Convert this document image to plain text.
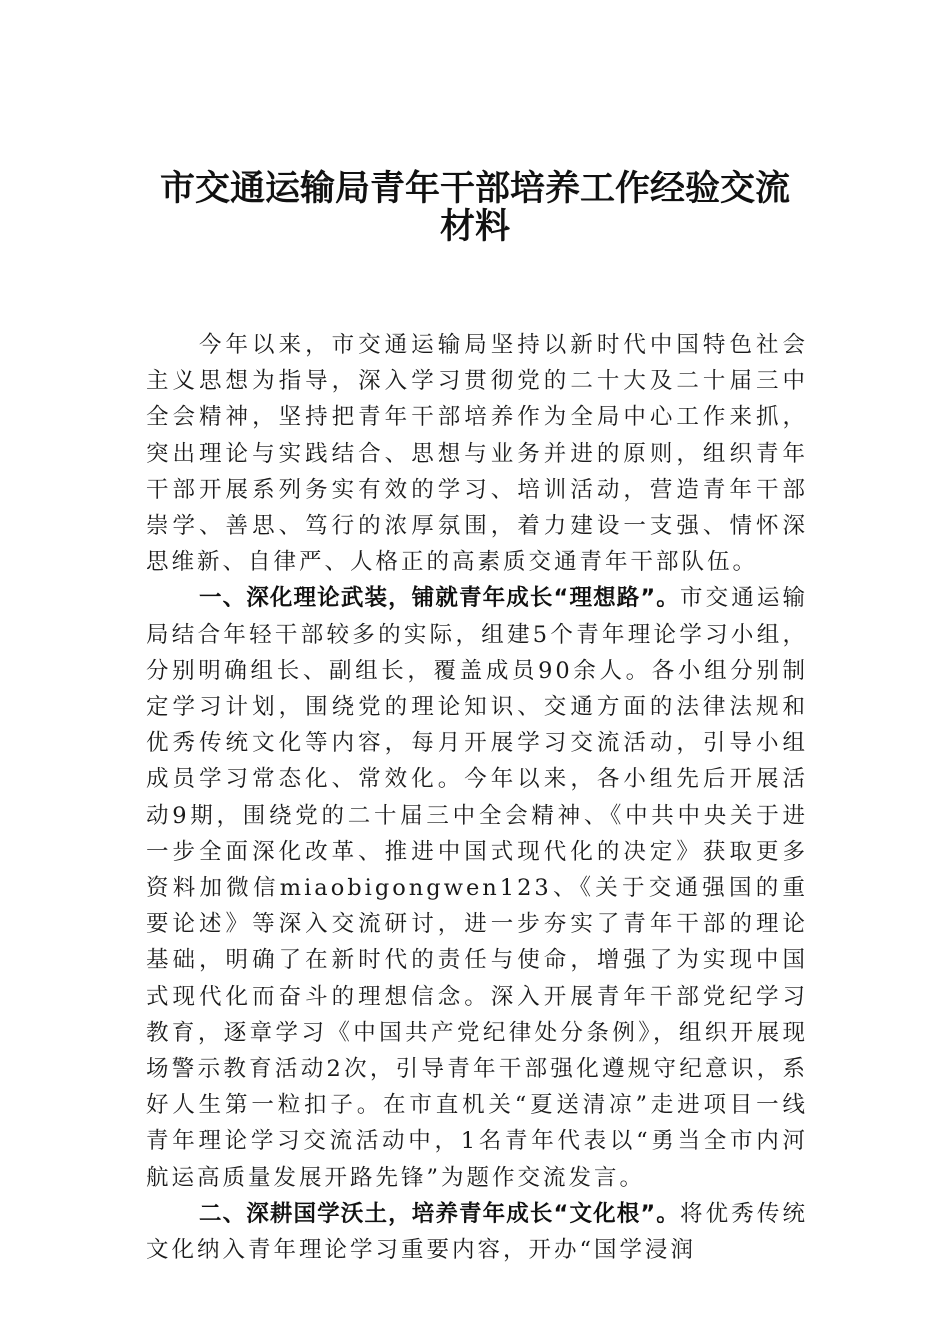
市交通运输局青年干部培养工作经验交流
材料

今年以来，市交通运输局坚持以新时代中国特色社会主义思想为指导，深入学习贯彻党的二十大及二十届三中全会精神，坚持把青年干部培养作为全局中心工作来抓，突出理论与实践结合、思想与业务并进的原则，组织青年干部开展系列务实有效的学习、培训活动，营造青年干部崇学、善思、笃行的浓厚氛围，着力建设一支强、情怀深思维新、自律严、人格正的高素质交通青年干部队伍。

一、深化理论武装，铺就青年成长“理想路”。市交通运输局结合年轻干部较多的实际，组建5个青年理论学习小组，分别明确组长、副组长，覆盖成员90余人。各小组分别制定学习计划，围绕党的理论知识、交通方面的法律法规和优秀传统文化等内容，每月开展学习交流活动，引导小组成员学习常态化、常效化。今年以来，各小组先后开展活动9期，围绕党的二十届三中全会精神、《中共中央关于进一步全面深化改革、推进中国式现代化的决定》获取更多资料加微信miaobigongwen123、《关于交通强国的重要论述》等深入交流研讨，进一步夯实了青年干部的理论基础，明确了在新时代的责任与使命，增强了为实现中国式现代化而奋斗的理想信念。深入开展青年干部党纪学习教育，逐章学习《中国共产党纪律处分条例》，组织开展现场警示教育活动2次，引导青年干部强化遵规守纪意识，系好人生第一粒扣子。在市直机关“夏送清凉”走进项目一线青年理论学习交流活动中，1名青年代表以“勇当全市内河航运高质量发展开路先锋”为题作交流发言。

二、深耕国学沃土，培养青年成长“文化根”。将优秀传统文化纳入青年理论学习重要内容，开办“国学浸润
